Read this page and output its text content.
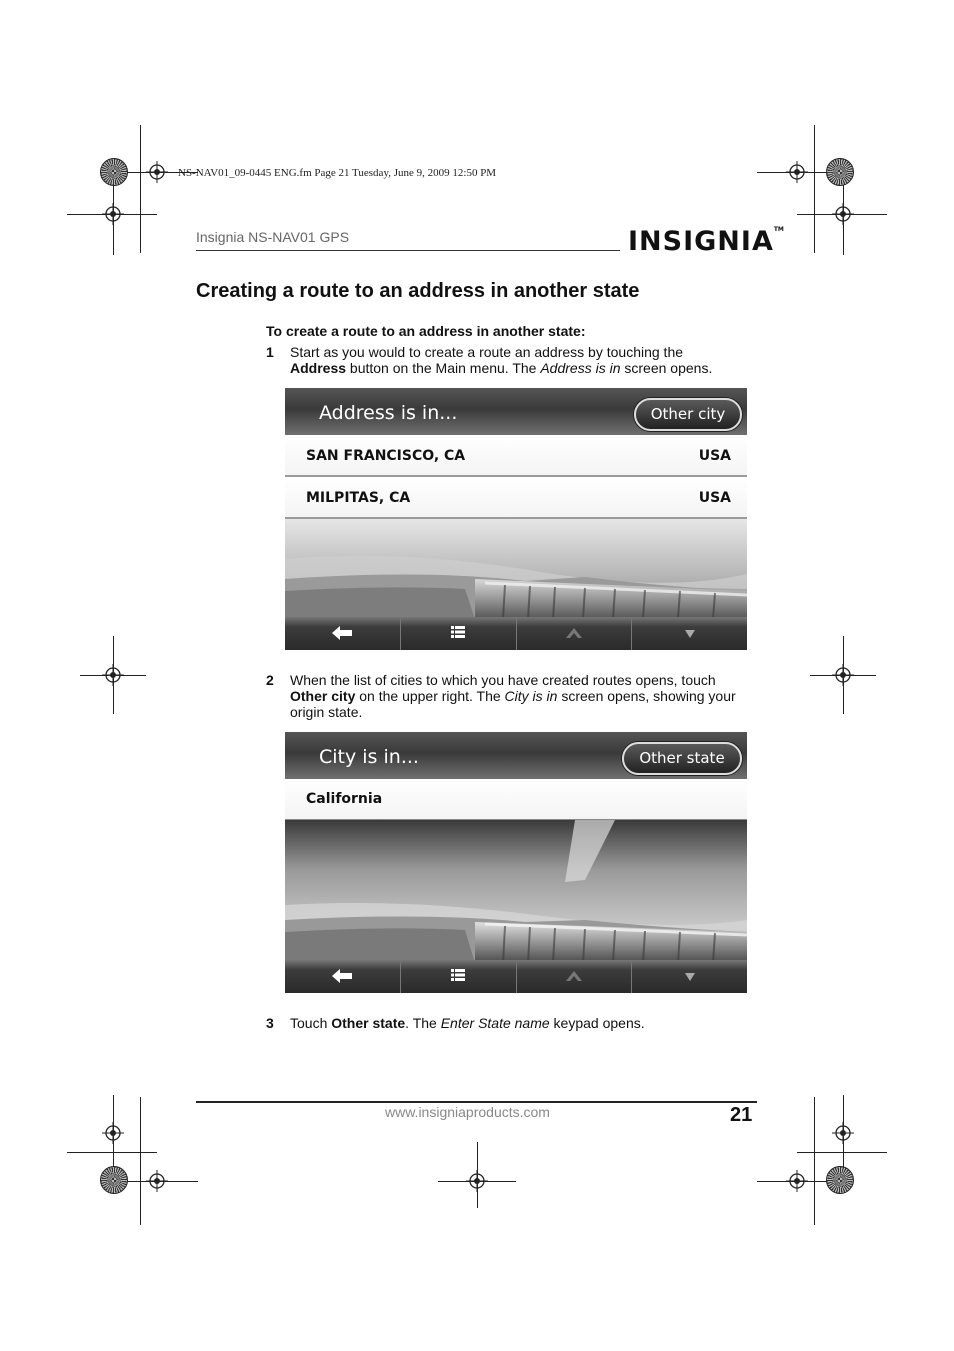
NS-NAV01_09-0445 ENG.fm Page 21 Tuesday, June 9, 2009 12:50 PM
Insignia NS-NAV01 GPS	INSIGNIA™
Creating a route to an address in another state
To create a route to an address in another state:
1 Start as you would to create a route an address by touching the
Address button on the Main menu. The Address is in screen opens.
Address is in...	Other city
SAN FRANCISCO, CA	USA
MILPITAS, CA	USA
2 When the list of cities to which you have created routes opens, touch
Other city on the upper right. The City is in screen opens, showing your origin state.
City is in...	Other state
California
3 Touch Other state. The Enter State name keypad opens.
www.insigniaproducts.com	21
